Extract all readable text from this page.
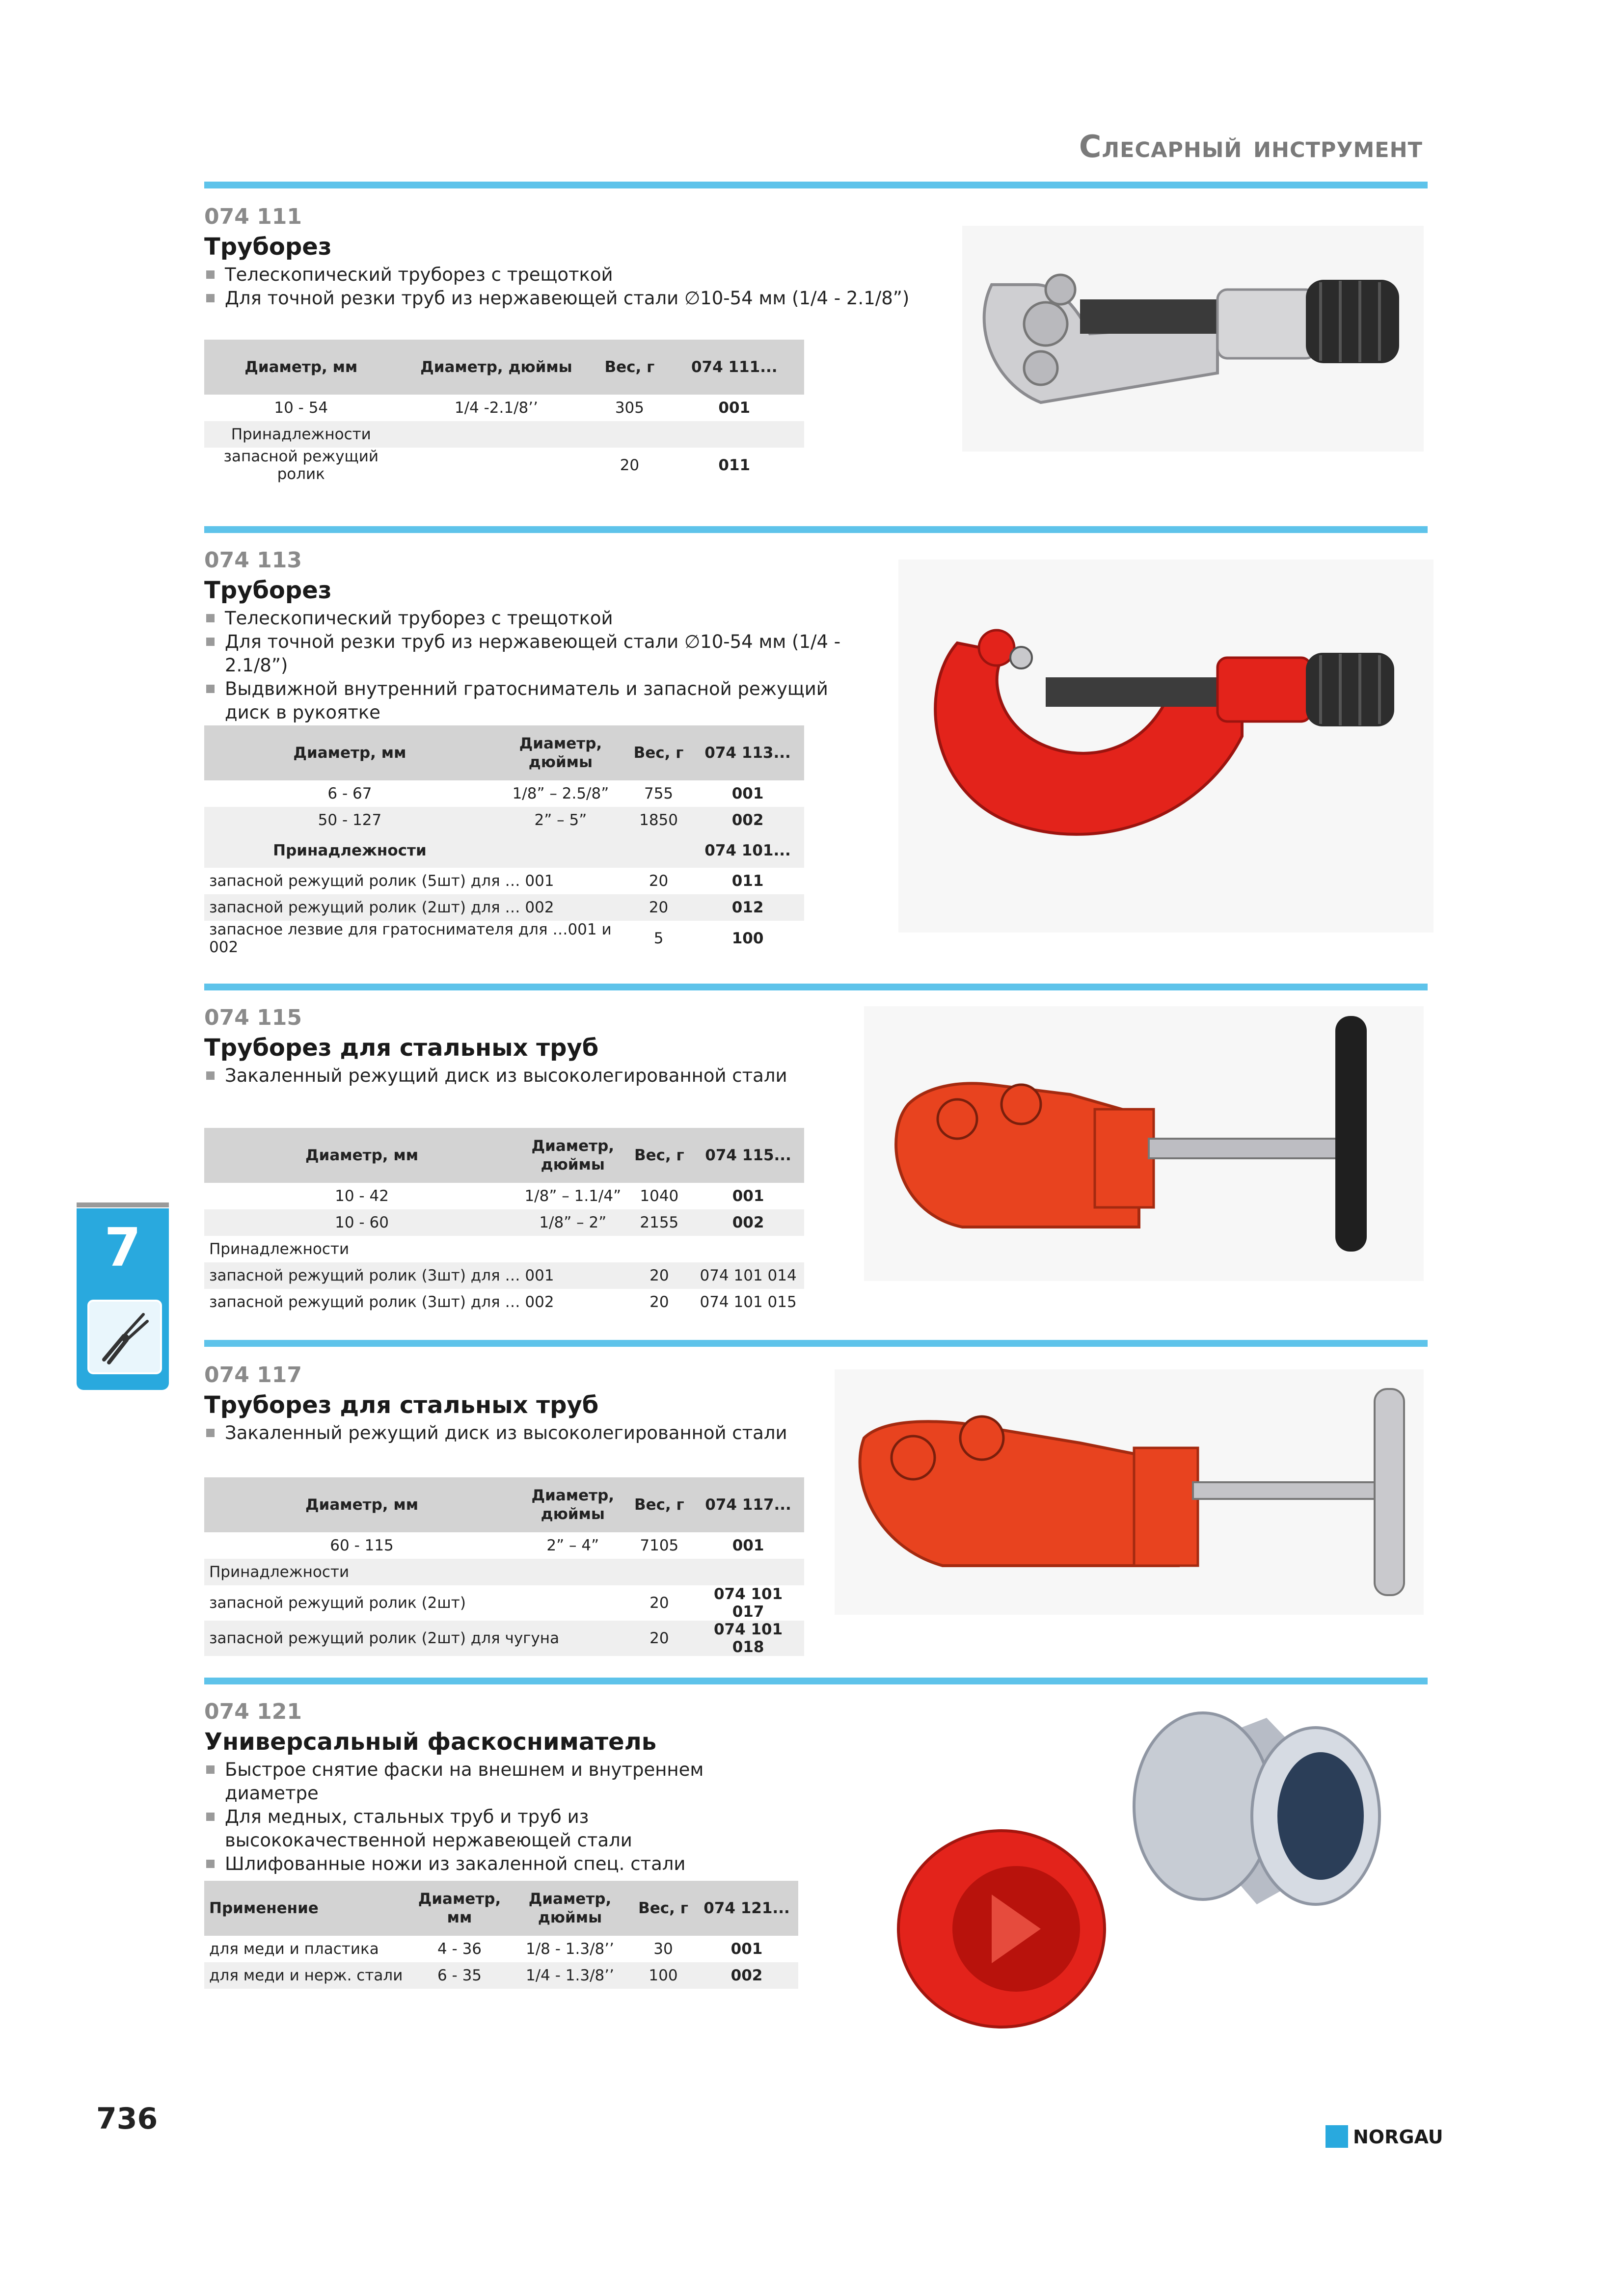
Слесарный инструмент
074 111
Труборез
Телескопический труборез с трещоткой
Для точной резки труб из нержавеющей стали ∅10-54 мм (1/4 - 2.1/8”)
Диаметр, мм	Диаметр, дюймы	Вес, г	074 111...
10 - 54	1/4 -2.1/8’’	305	001
Принадлежности			
запасной режущий ролик		20	011
074 113
Труборез
Телескопический труборез с трещоткой
Для точной резки труб из нержавеющей стали ∅10-54 мм (1/4 - 2.1/8”)
Выдвижной внутренний гратосниматель и запасной режущий диск в рукоятке
Диаметр, мм	Диаметр, дюймы	Вес, г	074 113...
6 - 67	1/8” – 2.5/8”	755	001
50 - 127	2” – 5”	1850	002
Принадлежности			074 101...
запасной режущий ролик (5шт) для … 001		20	011
запасной режущий ролик (2шт) для … 002		20	012
запасное лезвие для гратоснимателя для …001 и 002		5	100
074 115
Труборез для стальных труб
Закаленный режущий диск из высоколегированной стали
Диаметр, мм	Диаметр, дюймы	Вес, г	074 115...
10 - 42	1/8” – 1.1/4”	1040	001
10 - 60	1/8” – 2”	2155	002
Принадлежности			
запасной режущий ролик (3шт) для … 001		20	074 101 014
запасной режущий ролик (3шт) для … 002		20	074 101 015
074 117
Труборез для стальных труб
Закаленный режущий диск из высоколегированной стали
Диаметр, мм	Диаметр, дюймы	Вес, г	074 117...
60 - 115	2” – 4”	7105	001
Принадлежности			
запасной режущий ролик (2шт)		20	074 101 017
запасной режущий ролик (2шт) для чугуна		20	074 101 018
074 121
Универсальный фаскосниматель
Быстрое снятие фаски на внешнем и внутреннем диаметре
Для медных, стальных труб и труб из высококачественной нержавеющей стали
Шлифованные ножи из закаленной спец. стали
Применение	Диаметр, мм	Диаметр, дюймы	Вес, г	074 121...
для меди и пластика	4 - 36	1/8 - 1.3/8’’	30	001
для меди и нерж. стали	6 - 35	1/4 - 1.3/8’’	100	002
7
736
NORGAU
